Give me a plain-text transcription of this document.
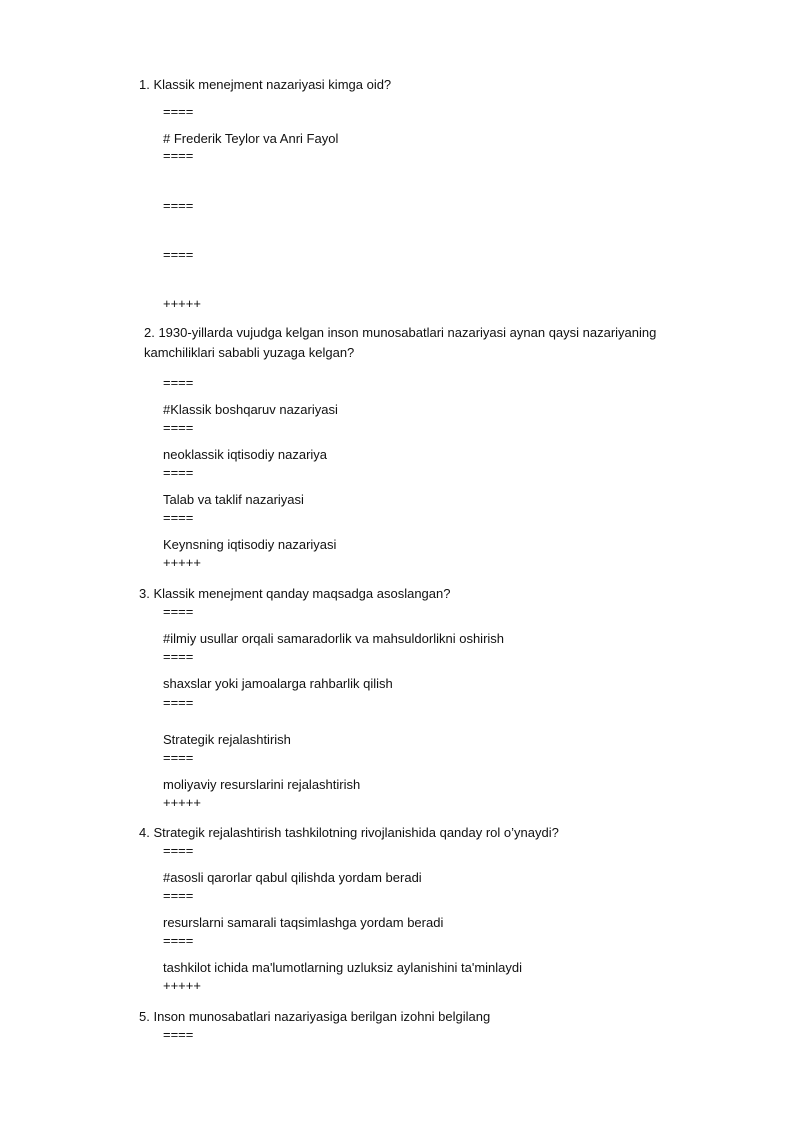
1. Klassik menejment nazariyasi kimga oid?

====

# Frederik Teylor va Anri Fayol

====

====

====

+++++

2. 1930-yillarda vujudga kelgan inson munosabatlari nazariyasi aynan qaysi nazariyaning

kamchiliklari sababli yuzaga kelgan?

====

#Klassik boshqaruv nazariyasi

====

neoklassik iqtisodiy nazariya

====

Talab va taklif nazariyasi

====

Keynsning iqtisodiy nazariyasi

+++++

3. Klassik menejment qanday maqsadga asoslangan?

====

#ilmiy usullar orqali samaradorlik va mahsuldorlikni oshirish

====

shaxslar yoki jamoalarga rahbarlik qilish

====

Strategik rejalashtirish

====

moliyaviy resurslarini rejalashtirish

+++++

4. Strategik rejalashtirish tashkilotning rivojlanishida qanday rol o’ynaydi?

====

#asosli qarorlar qabul qilishda yordam beradi

====

resurslarni samarali taqsimlashga yordam beradi

====

tashkilot ichida ma'lumotlarning uzluksiz aylanishini ta'minlaydi

+++++

5. Inson munosabatlari nazariyasiga berilgan izohni belgilang

====
